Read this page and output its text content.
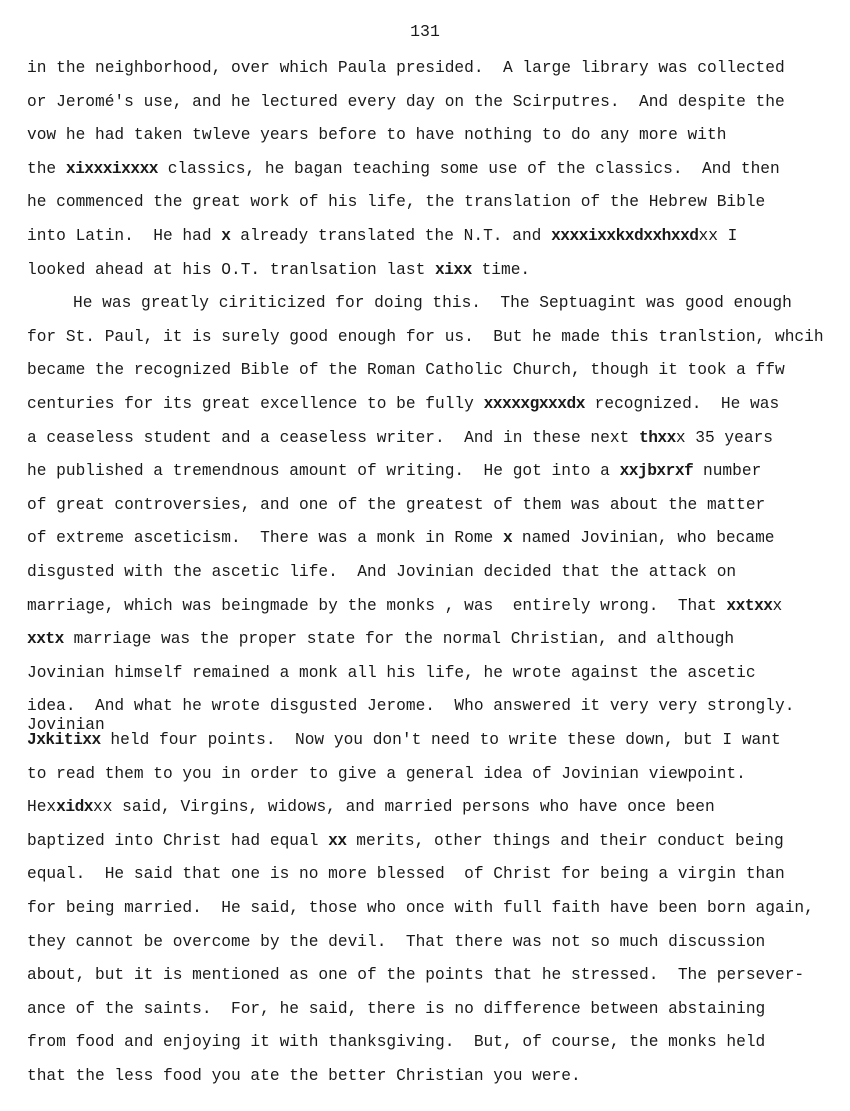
131
in the neighborhood, over which Paula presided.  A large library was collected
or Jeromé's use, and he lectured every day on the Scirputres.  And despite the
vow he had taken twleve years before to have nothing to do any more with
the xixxxixxxx classics, he bagan teaching some use of the classics.  And then
he commenced the great work of his life, the translation of the Hebrew Bible
into Latin.  He had x already translated the N.T. and xxxxixxkxdxxhxxdxx I
looked ahead at his O.T. tranlsation last xixx time.
He was greatly ciriticized for doing this.  The Septuagint was good enough
for St. Paul, it is surely good enough for us.  But he made this tranlstion, whcih
became the recognized Bible of the Roman Catholic Church, though it took a ffw
centuries for its great excellence to be fully xxxxxgxxxdx recognized.  He was
a ceaseless student and a ceaseless writer.  And in these next thxxx 35 years
he published a tremendnous amount of writing.  He got into a xxjbxrxf number
of great controversies, and one of the greatest of them was about the matter
of extreme asceticism.  There was a monk in Rome x named Jovinian, who became
disgusted with the ascetic life.  And Jovinian decided that the attack on
marriage, which was beingmade by the monks , was  entirely wrong.  That xxtxxx
xxtx marriage was the proper state for the normal Christian, and although
Jovinian himself remained a monk all his life, he wrote against the ascetic
idea.  And what he wrote disgusted Jerome.  Who answered it very very strongly.
Jxkitixx held four points.  Now you don't need to write these down, but I want
to read them to you in order to give a general idea of Jovinian viewpoint.
Hexxidxxx said, Virgins, widows, and married persons who have once been
baptized into Christ had equal xx merits, other things and their conduct being
equal.  He said that one is no more blessed  of Christ for being a virgin than
for being married.  He said, those who once with full faith have been born again,
they cannot be overcome by the devil.  That there was not so much discussion
about, but it is mentioned as one of the points that he stressed.  The persever-
ance of the saints.  For, he said, there is no difference between abstaining
from food and enjoying it with thanksgiving.  But, of course, the monks held
that the less food you ate the better Christian you were.
Jovinian
